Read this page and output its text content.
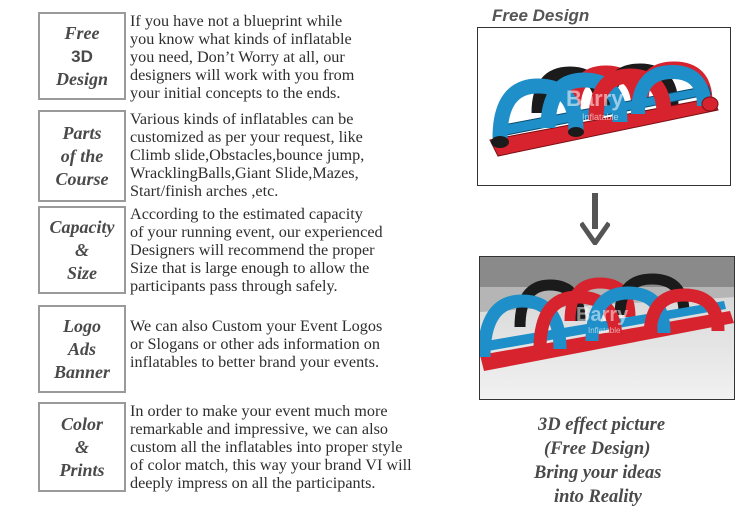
Free
3D
Design
If you have not a blueprint while
you know what kinds of inflatable
you need, Don’t Worry at all, our
designers will work with you from
your initial concepts to the ends.
Parts
of the
Course
Various kinds of inflatables can be
customized as per your request, like
Climb slide,Obstacles,bounce jump,
WracklingBalls,Giant Slide,Mazes,
Start/finish arches ,etc.
Capacity
&
Size
According to the estimated capacity
of your running event, our experienced
Designers will recommend the proper
Size that is large enough to allow the
participants pass through safely.
Logo
Ads
Banner
We can also Custom your Event Logos
or Slogans or other ads information on
inflatables to better brand your events.
Color
&
Prints
In order to make your event much more
remarkable and impressive, we can also
custom all the inflatables into proper style
of color match, this way your brand VI will
deeply impress on all the participants.
Free Design
Barry
Inflatable
Barry
Inflatable
3D effect picture
(Free Design)
Bring your ideas
into Reality
